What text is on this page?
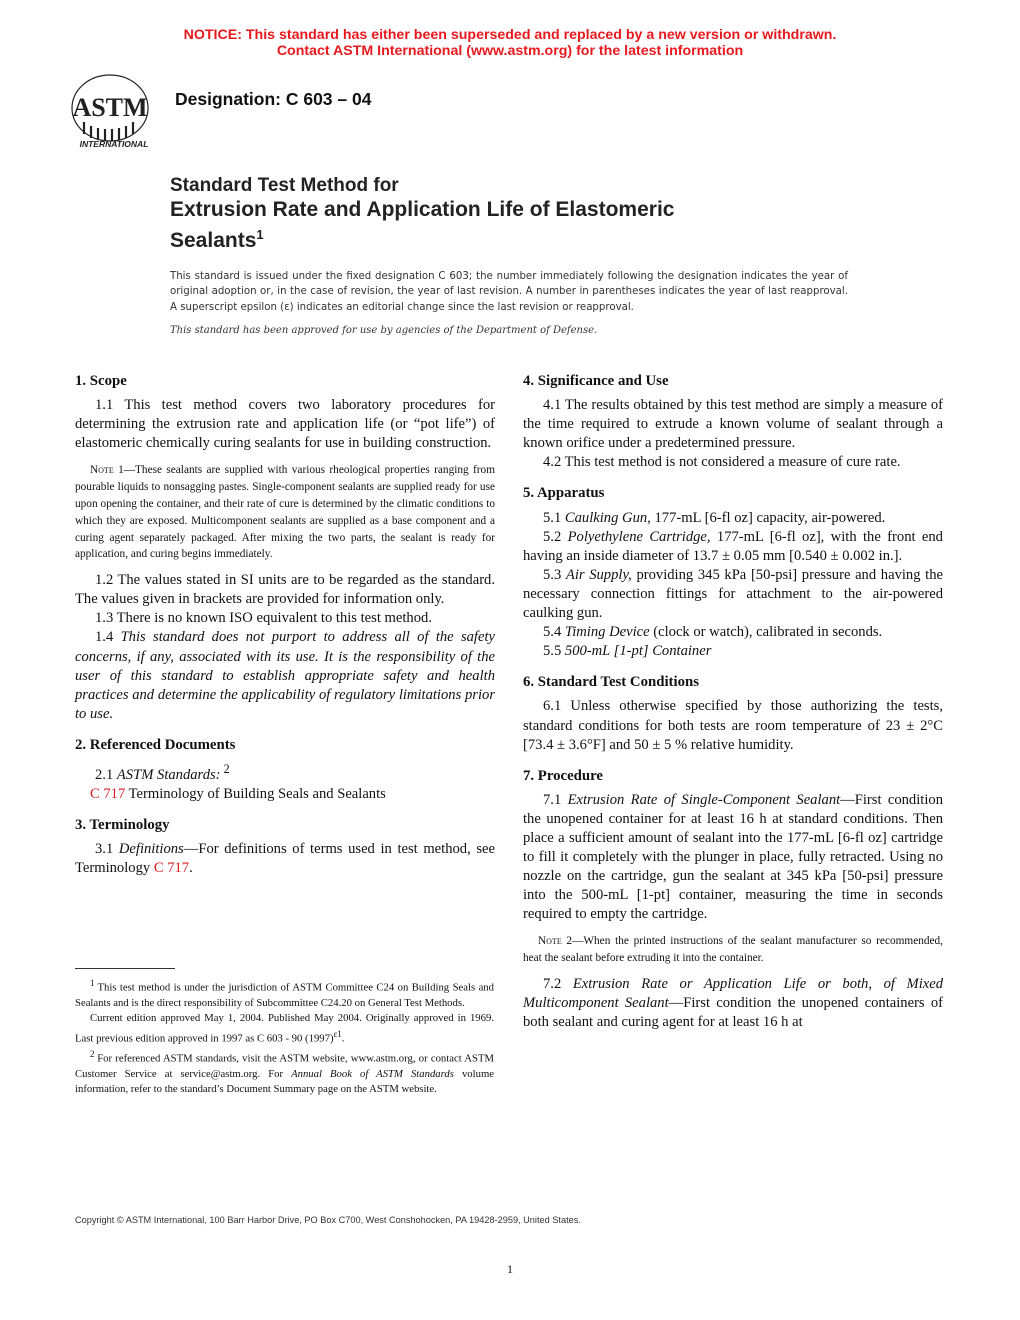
NOTICE: This standard has either been superseded and replaced by a new version or withdrawn.
Contact ASTM International (www.astm.org) for the latest information
ASTM
INTERNATIONAL
Designation: C 603 – 04
Standard Test Method for
Extrusion Rate and Application Life of Elastomeric
Sealants$^1$
This standard is issued under the fixed designation C 603; the number immediately following the designation indicates the year of original adoption or, in the case of revision, the year of last revision. A number in parentheses indicates the year of last reapproval. A superscript epsilon (ε) indicates an editorial change since the last revision or reapproval.
This standard has been approved for use by agencies of the Department of Defense.
1. Scope

1.1 This test method covers two laboratory procedures for determining the extrusion rate and application life (or “pot life”) of elastomeric chemically curing sealants for use in building construction.

Note 1—These sealants are supplied with various rheological properties ranging from pourable liquids to nonsagging pastes. Single-component sealants are supplied ready for use upon opening the container, and their rate of cure is determined by the climatic conditions to which they are exposed. Multicomponent sealants are supplied as a base component and a curing agent separately packaged. After mixing the two parts, the sealant is ready for application, and curing begins immediately.

1.2 The values stated in SI units are to be regarded as the standard. The values given in brackets are provided for information only.

1.3 There is no known ISO equivalent to this test method.

1.4 This standard does not purport to address all of the safety concerns, if any, associated with its use. It is the responsibility of the user of this standard to establish appropriate safety and health practices and determine the applicability of regulatory limitations prior to use.

2. Referenced Documents

2.1 ASTM Standards: $^2$

C 717 Terminology of Building Seals and Sealants

3. Terminology

3.1 Definitions—For definitions of terms used in test method, see Terminology C 717.

$^1$ This test method is under the jurisdiction of ASTM Committee C24 on Building Seals and Sealants and is the direct responsibility of Subcommittee C24.20 on General Test Methods.

Current edition approved May 1, 2004. Published May 2004. Originally approved in 1969. Last previous edition approved in 1997 as C 603 - 90 $(1997)^{\varepsilon 1}$.

$^2$ For referenced ASTM standards, visit the ASTM website, www.astm.org, or contact ASTM Customer Service at service@astm.org. For Annual Book of ASTM Standards volume information, refer to the standard’s Document Summary page on the ASTM website.

4. Significance and Use

4.1 The results obtained by this test method are simply a measure of the time required to extrude a known volume of sealant through a known orifice under a predetermined pressure.

4.2 This test method is not considered a measure of cure rate.

5. Apparatus

5.1 Caulking Gun, 177-mL [6-fl oz] capacity, air-powered.

5.2 Polyethylene Cartridge, 177-mL [6-fl oz], with the front end having an inside diameter of 13.7 ± 0.05 mm [0.540 ± 0.002 in.].

5.3 Air Supply, providing 345 kPa [50-psi] pressure and having the necessary connection fittings for attachment to the air-powered caulking gun.

5.4 Timing Device (clock or watch), calibrated in seconds.

5.5 500-mL [1-pt] Container

6. Standard Test Conditions

6.1 Unless otherwise specified by those authorizing the tests, standard conditions for both tests are room temperature of 23 ± 2°C [73.4 ± 3.6°F] and 50 ± 5 % relative humidity.

7. Procedure

7.1 Extrusion Rate of Single-Component Sealant—First condition the unopened container for at least 16 h at standard conditions. Then place a sufficient amount of sealant into the 177-mL [6-fl oz] cartridge to fill it completely with the plunger in place, fully retracted. Using no nozzle on the cartridge, gun the sealant at 345 kPa [50-psi] pressure into the 500-mL [1-pt] container, measuring the time in seconds required to empty the cartridge.

Note 2—When the printed instructions of the sealant manufacturer so recommended, heat the sealant before extruding it into the container.

7.2 Extrusion Rate or Application Life or both, of Mixed Multicomponent Sealant—First condition the unopened containers of both sealant and curing agent for at least 16 h at

Copyright © ASTM International, 100 Barr Harbor Drive, PO Box C700, West Conshohocken, PA 19428-2959, United States.
1
